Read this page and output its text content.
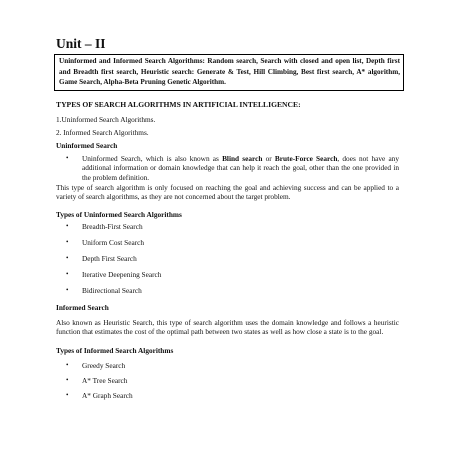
Unit – II
Uninformed and Informed Search Algorithms: Random search, Search with closed and open list, Depth first and Breadth first search, Heuristic search: Generate & Test, Hill Climbing, Best first search, A* algorithm, Game Search, Alpha-Beta Pruning Genetic Algorithm.
TYPES OF SEARCH ALGORITHMS IN ARTIFICIAL INTELLIGENCE:

1.Uninformed Search Algorithms.

2. Informed Search Algorithms.

Uninformed Search

•	Uninformed Search, which is also known as Blind search or Brute-Force Search, does not have any additional information or domain knowledge that can help it reach the goal, other than the one provided in the problem definition.

This type of search algorithm is only focused on reaching the goal and achieving success and can be applied to a variety of search algorithms, as they are not concerned about the target problem.

Types of Uninformed Search Algorithms

•	Breadth-First Search
•	Uniform Cost Search
•	Depth First Search
•	Iterative Deepening Search
•	Bidirectional Search

Informed Search

Also known as Heuristic Search, this type of search algorithm uses the domain knowledge and follows a heuristic function that estimates the cost of the optimal path between two states as well as how close a state is to the goal.

Types of Informed Search Algorithms

•	Greedy Search
•	A* Tree Search
•	A* Graph Search
